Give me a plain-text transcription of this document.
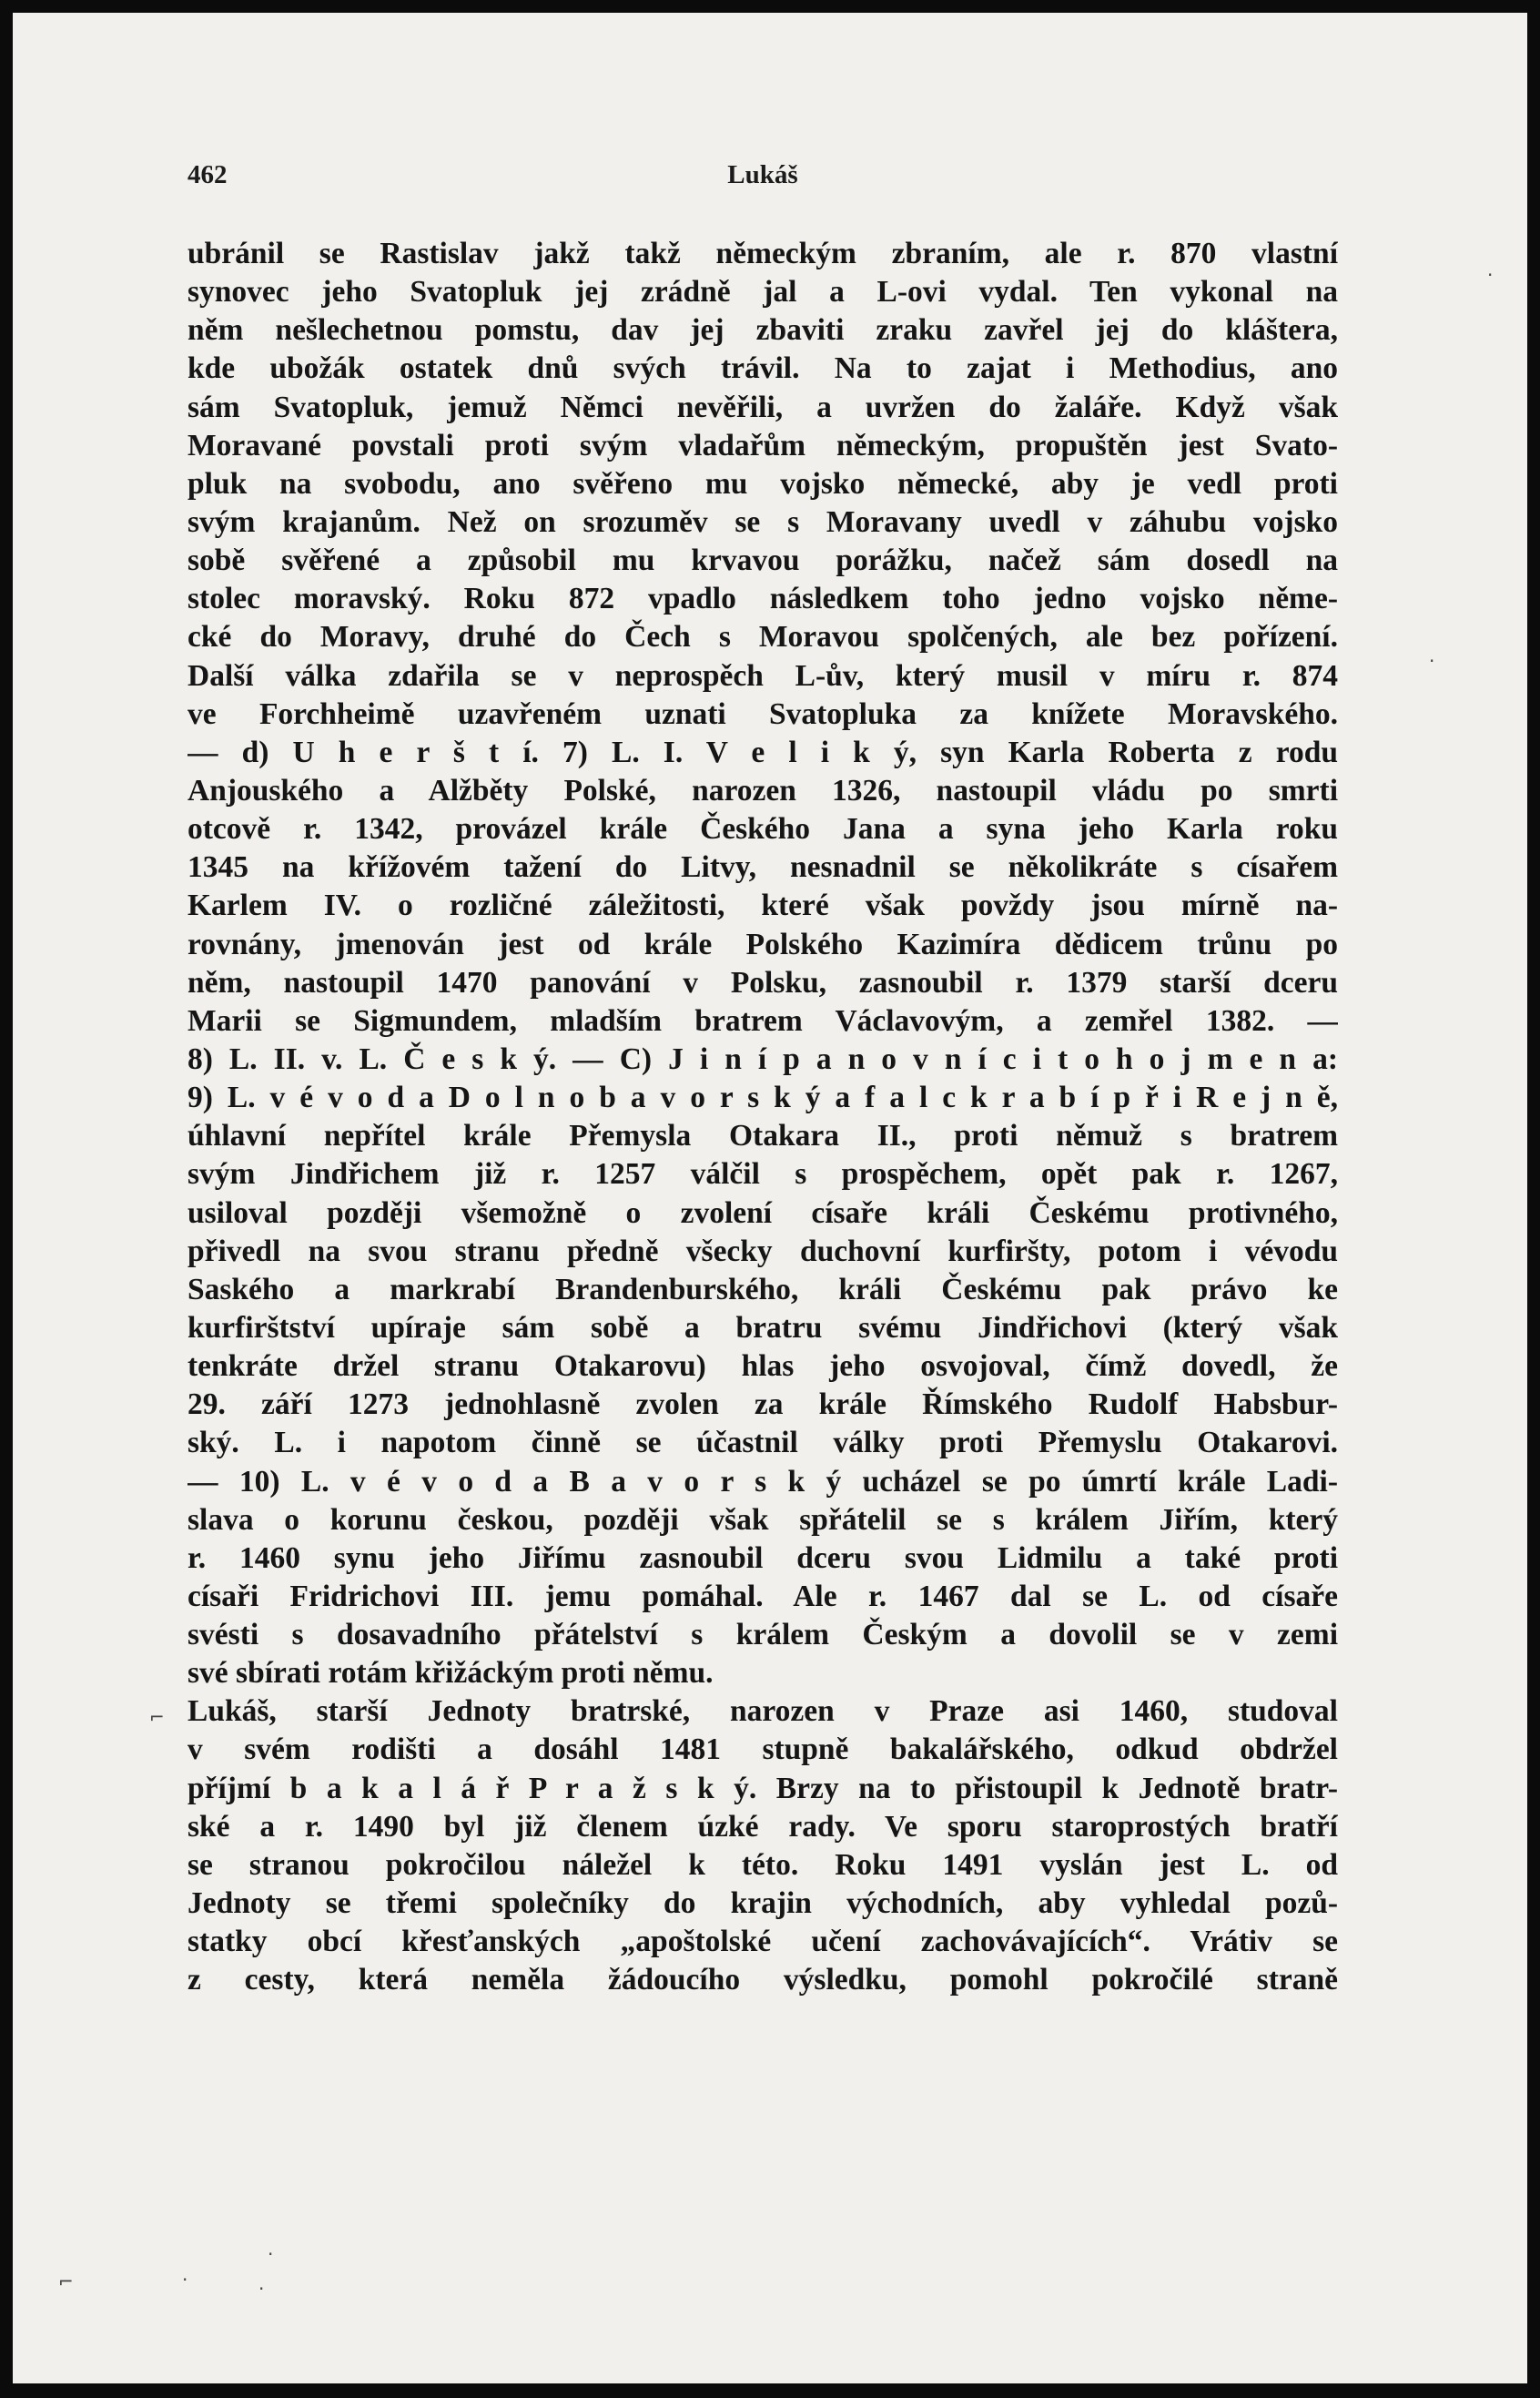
462	Lukáš
ubránil se Rastislav jakž takž německým zbraním, ale r. 870 vlastní
synovec jeho Svatopluk jej zrádně jal a L-ovi vydal. Ten vykonal na
něm nešlechetnou pomstu, dav jej zbaviti zraku zavřel jej do kláštera,
kde ubožák ostatek dnů svých trávil. Na to zajat i Methodius, ano
sám Svatopluk, jemuž Němci nevěřili, a uvržen do žaláře. Když však
Moravané povstali proti svým vladařům německým, propuštěn jest Svato-
pluk na svobodu, ano svěřeno mu vojsko německé, aby je vedl proti
svým krajanům. Než on srozuměv se s Moravany uvedl v záhubu vojsko
sobě svěřené a způsobil mu krvavou porážku, načež sám dosedl na
stolec moravský. Roku 872 vpadlo následkem toho jedno vojsko něme-
cké do Moravy, druhé do Čech s Moravou spolčených, ale bez pořízení.
Další válka zdařila se v neprospěch L-ův, který musil v míru r. 874
ve Forchheimě uzavřeném uznati Svatopluka za knížete Moravského.
— d) U h e r š t í. 7) L. I. V e l i k ý, syn Karla Roberta z rodu
Anjouského a Alžběty Polské, narozen 1326, nastoupil vládu po smrti
otcově r. 1342, provázel krále Českého Jana a syna jeho Karla roku
1345 na křížovém tažení do Litvy, nesnadnil se několikráte s císařem
Karlem IV. o rozličné záležitosti, které však povždy jsou mírně na-
rovnány, jmenován jest od krále Polského Kazimíra dědicem trůnu po
něm, nastoupil 1470 panování v Polsku, zasnoubil r. 1379 starší dceru
Marii se Sigmundem, mladším bratrem Václavovým, a zemřel 1382. —
8) L. II. v. L. Č e s k ý. — C) J i n í p a n o v n í c i t o h o j m e n a:
9) L. v é v o d a D o l n o b a v o r s k ý a f a l c k r a b í p ř i R e j n ě,
úhlavní nepřítel krále Přemysla Otakara II., proti němuž s bratrem
svým Jindřichem již r. 1257 válčil s prospěchem, opět pak r. 1267,
usiloval později všemožně o zvolení císaře králi Českému protivného,
přivedl na svou stranu předně všecky duchovní kurfiršty, potom i vévodu
Saského a markrabí Brandenburského, králi Českému pak právo ke
kurfirštství upíraje sám sobě a bratru svému Jindřichovi (který však
tenkráte držel stranu Otakarovu) hlas jeho osvojoval, čímž dovedl, že
29. září 1273 jednohlasně zvolen za krále Římského Rudolf Habsbur-
ský. L. i napotom činně se účastnil války proti Přemyslu Otakarovi.
— 10) L. v é v o d a B a v o r s k ý ucházel se po úmrtí krále Ladi-
slava o korunu českou, později však spřátelil se s králem Jiřím, který
r. 1460 synu jeho Jiřímu zasnoubil dceru svou Lidmilu a také proti
císaři Fridrichovi III. jemu pomáhal. Ale r. 1467 dal se L. od císaře
svésti s dosavadního přátelství s králem Českým a dovolil se v zemi
své sbírati rotám křižáckým proti němu.
Lukáš, starší Jednoty bratrské, narozen v Praze asi 1460, studoval
v svém rodišti a dosáhl 1481 stupně bakalářského, odkud obdržel
příjmí b a k a l á ř P r a ž s k ý. Brzy na to přistoupil k Jednotě bratr-
ské a r. 1490 byl již členem úzké rady. Ve sporu staroprostých bratří
se stranou pokročilou náležel k této. Roku 1491 vyslán jest L. od
Jednoty se třemi společníky do krajin východních, aby vyhledal pozů-
statky obcí křesťanských „apoštolské učení zachovávajících“. Vrátiv se
z cesty, která neměla žádoucího výsledku, pomohl pokročilé straně
·
·
⌐
⌐	·	·
·
